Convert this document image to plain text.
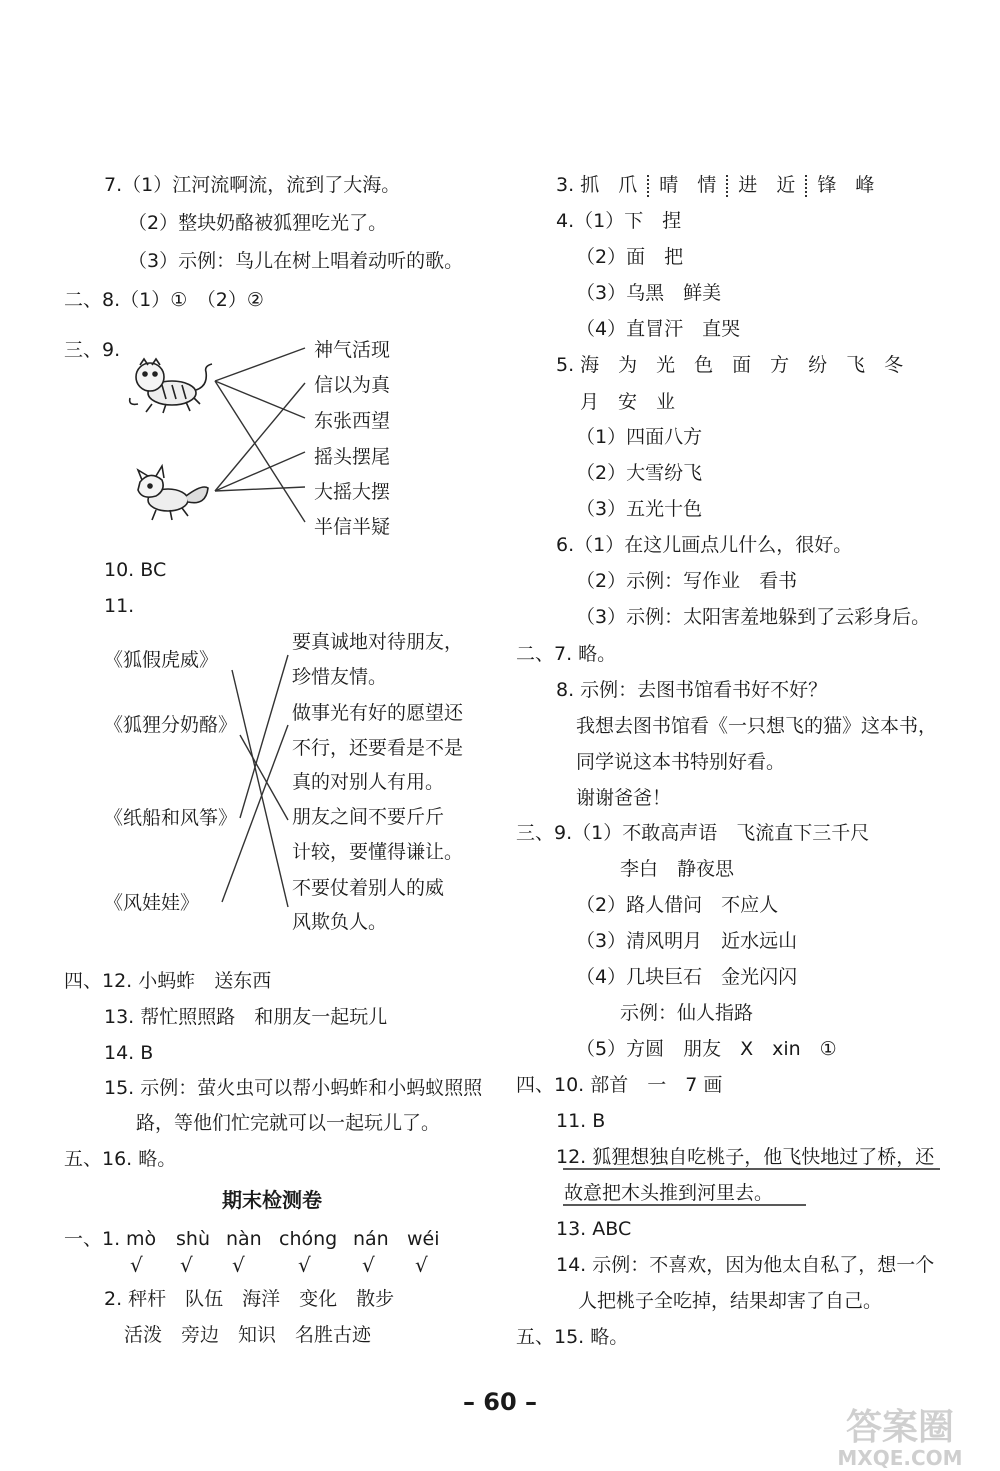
7.（1）江河流啊流，流到了大海。
（2）整块奶酪被狐狸吃光了。
（3）示例：鸟儿在树上唱着动听的歌。
二、8.（1）①　（2）②
三、9.	神气活现
信以为真
东张西望
摇头摆尾
大摇大摆
半信半疑
10. BC
11.
《狐假虎威》
《狐狸分奶酪》
《纸船和风筝》
《风娃娃》
要真诚地对待朋友，
珍惜友情。
做事光有好的愿望还
不行，还要看是不是
真的对别人有用。
朋友之间不要斤斤
计较，要懂得谦让。
不要仗着别人的威
风欺负人。
四、12. 小蚂蚱　送东西
13. 帮忙照照路　和朋友一起玩儿
14. B
15. 示例：萤火虫可以帮小蚂蚱和小蚂蚁照照
路，等他们忙完就可以一起玩儿了。
五、16. 略。
期末检测卷
一、1. mò shù nàn chóng nán wéi
√ √ √	√	√ √
2. 秤杆　队伍　海洋　变化　散步
活泼　旁边　知识　名胜古迹
3. 抓　 爪 晴　 情 进　 近 锋　 峰
4.（1）下　捏
（2）面　把
（3）乌黑　鲜美
（4）直冒汗　直哭
5. 海　为　光　色　面　方　纷　飞　冬
月　安　业
（1）四面八方
（2）大雪纷飞
（3）五光十色
6.（1）在这儿画点儿什么，很好。
（2）示例：写作业　看书
（3）示例：太阳害羞地躲到了云彩身后。
二、7. 略。
8. 示例：去图书馆看书好不好？
我想去图书馆看《一只想飞的猫》这本书，
同学说这本书特别好看。
谢谢爸爸！
三、9.（1）不敢高声语　飞流直下三千尺
李白　静夜思
（2）路人借问　不应人
（3）清风明月　近水远山
（4）几块巨石　金光闪闪
示例：仙人指路
（5）方圆　朋友　X　xin　①
四、10. 部首　一　7 画
11. B
12. 狐狸想独自吃桃子，他飞快地过了桥，还
故意把木头推到河里去。
13. ABC
14. 示例：不喜欢，因为他太自私了，想一个
人把桃子全吃掉，结果却害了自己。
五、15. 略。
– 60 –
答案圈
MXQE.COM
